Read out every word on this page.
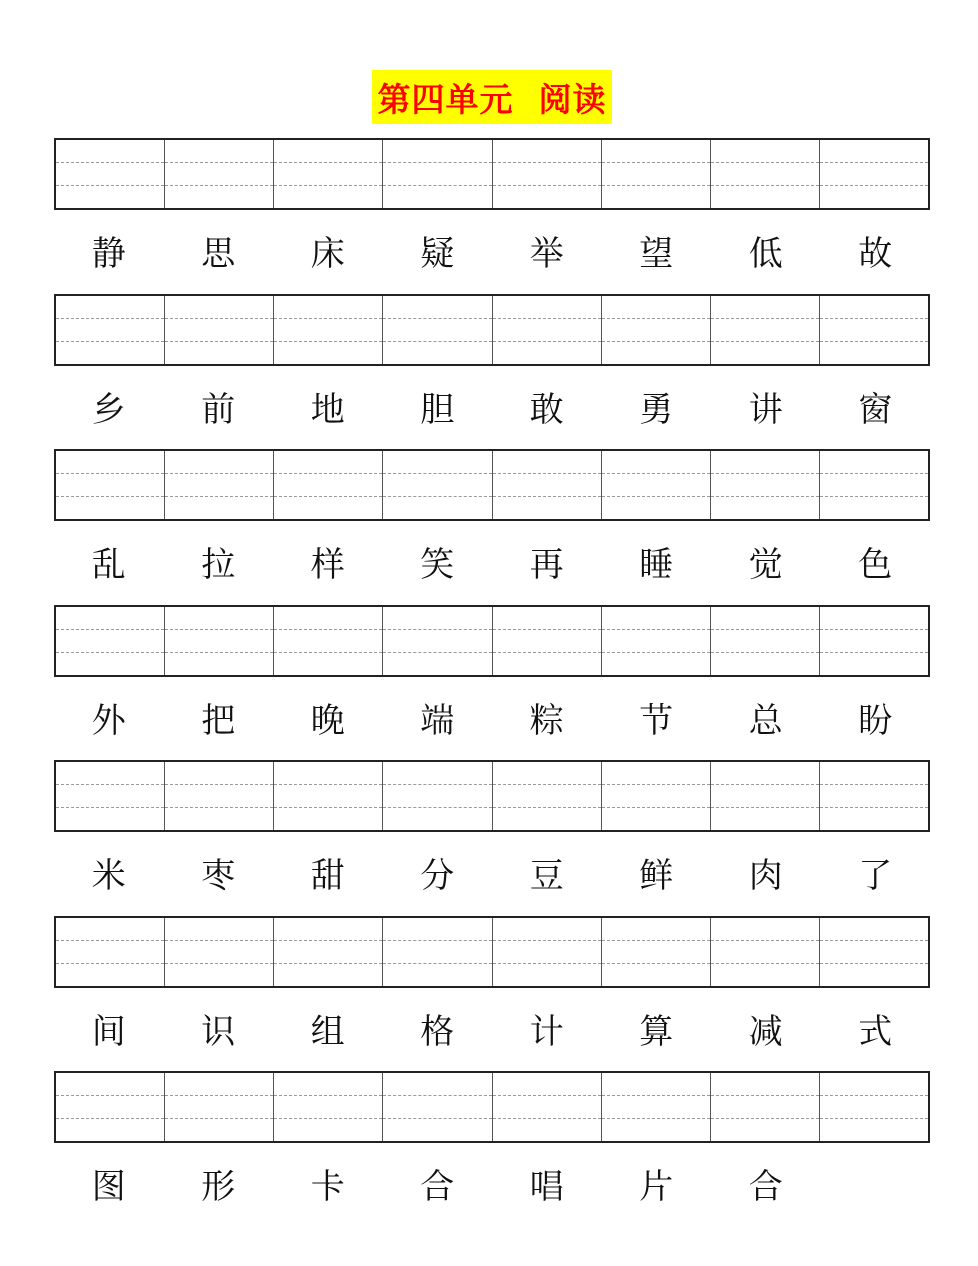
第四单元  阅读
静	思	床	疑	举	望	低	故
乡	前	地	胆	敢	勇	讲	窗
乱	拉	样	笑	再	睡	觉	色
外	把	晚	端	粽	节	总	盼
米	枣	甜	分	豆	鲜	肉	了
间	识	组	格	计	算	减	式
图	形	卡	合	唱	片	合
